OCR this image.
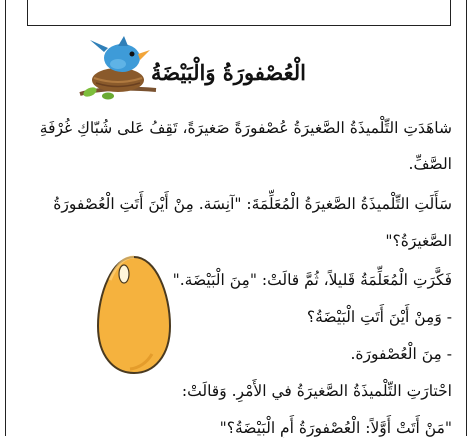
الْعُصْفورَةُ وَالْبَيْضَةُ
شاهَدَتِ التِّلْميذَةُ الصَّغيرَةُ عُصْفورَةً صَغيرَةً، تَقِفُ عَلى شُبّاكِ غُرْفَةِ
الصَّفِّ.
سَأَلَتِ التِّلْميذَةُ الصَّغيرَةُ الْمُعَلِّمَةَ: "آنِسَة. مِنْ أَيْنَ أَتَتِ الْعُصْفورَةُ
الصَّغيرَةُ؟"
فَكَّرَتِ الْمُعَلِّمَةُ قَليلاً، ثُمَّ قالَتْ: "مِنَ الْبَيْضَة."
- وَمِنْ أَيْنَ أَتَتِ الْبَيْضَةُ؟
- مِنَ الْعُصْفورَة.
احْتارَتِ التِّلْميذَةُ الصَّغيرَةُ في الأَمْرِ. وَقالَتْ:
"مَنْ أَتَتْ أَوَّلاً: الْعُصْفورَةُ أَمِ الْبَيْضَةُ؟"
